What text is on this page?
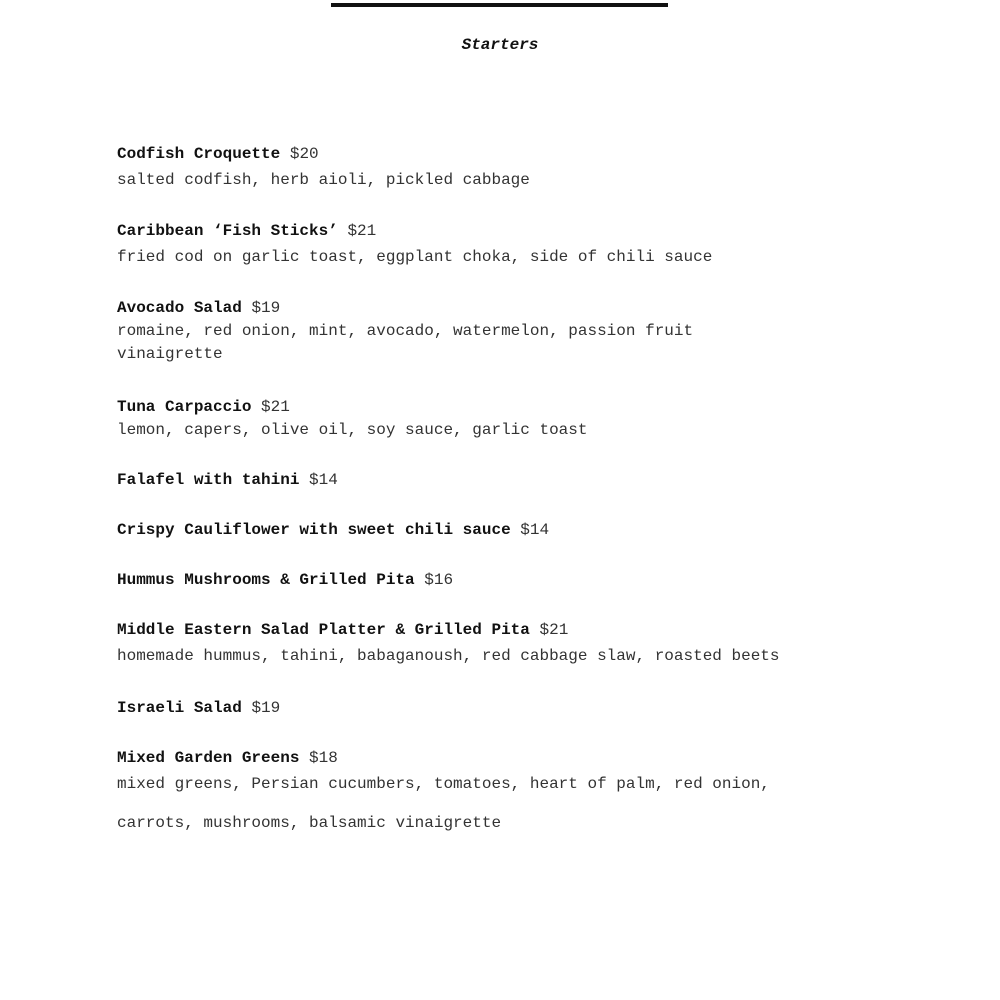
Starters
Codfish Croquette $20
salted codfish, herb aioli, pickled cabbage
Caribbean ‘Fish Sticks’ $21
fried cod on garlic toast, eggplant choka, side of chili sauce
Avocado Salad $19
romaine, red onion, mint, avocado, watermelon, passion fruit vinaigrette
Tuna Carpaccio $21
lemon, capers, olive oil, soy sauce, garlic toast
Falafel with tahini $14
Crispy Cauliflower with sweet chili sauce $14
Hummus Mushrooms & Grilled Pita $16
Middle Eastern Salad Platter & Grilled Pita $21
homemade hummus, tahini, babaganoush, red cabbage slaw, roasted beets
Israeli Salad $19
Mixed Garden Greens $18
mixed greens, Persian cucumbers, tomatoes, heart of palm, red onion,
carrots, mushrooms, balsamic vinaigrette
